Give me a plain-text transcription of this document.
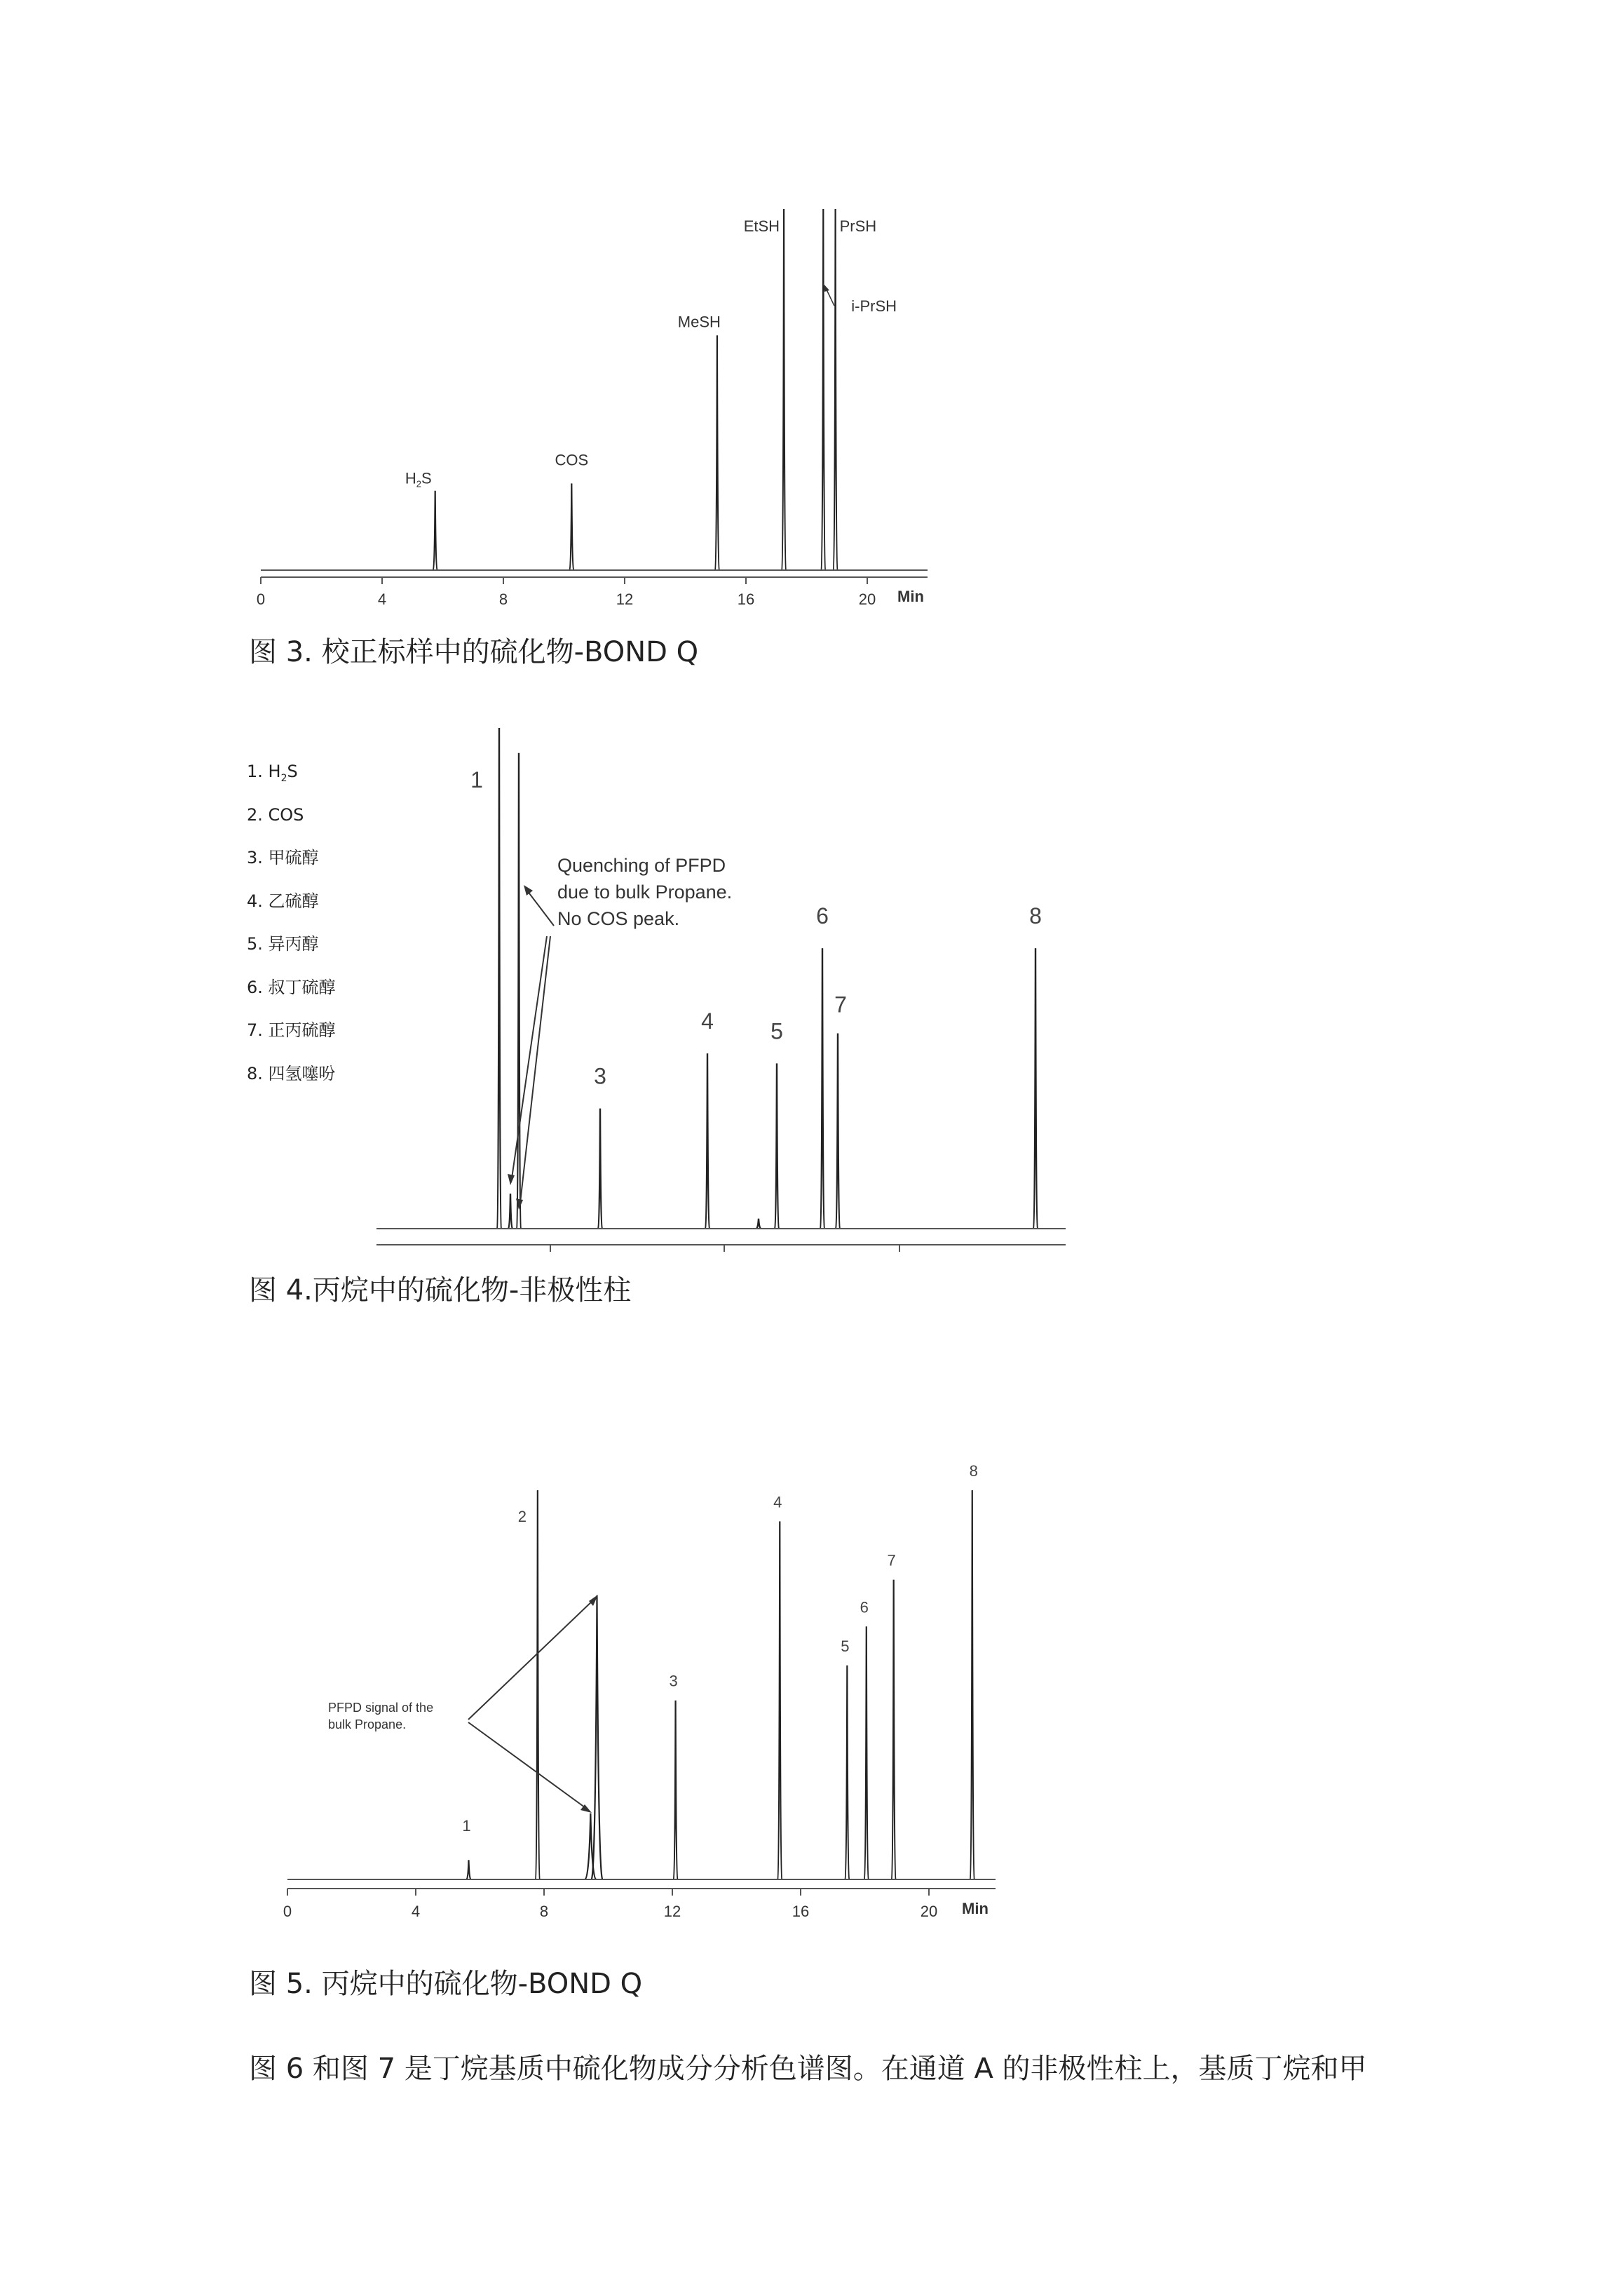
$H_2S$
COS
MeSH
EtSH
i-PrSH
PrSH
0	4	8	12	16	20 Min
图 3. 校正标样中的硫化物-BOND Q
1
3
4	5
6
7
8
Quenching of PFPD due to bulk Propane. No COS peak.
1. $H_2S$
2. COS
3. 甲硫醇
4. 乙硫醇
5. 异丙醇
6. 叔丁硫醇
7. 正丙硫醇
8. 四氢噻吩
图 4.丙烷中的硫化物-非极性柱
1
2
3
4
5
6
7
8
0	4	8	12	16	20 Min
PFPD signal of the bulk Propane.
图 5. 丙烷中的硫化物-BOND Q

图 6 和图 7 是丁烷基质中硫化物成分分析色谱图。在通道 A 的非极性柱上，基质丁烷和甲
